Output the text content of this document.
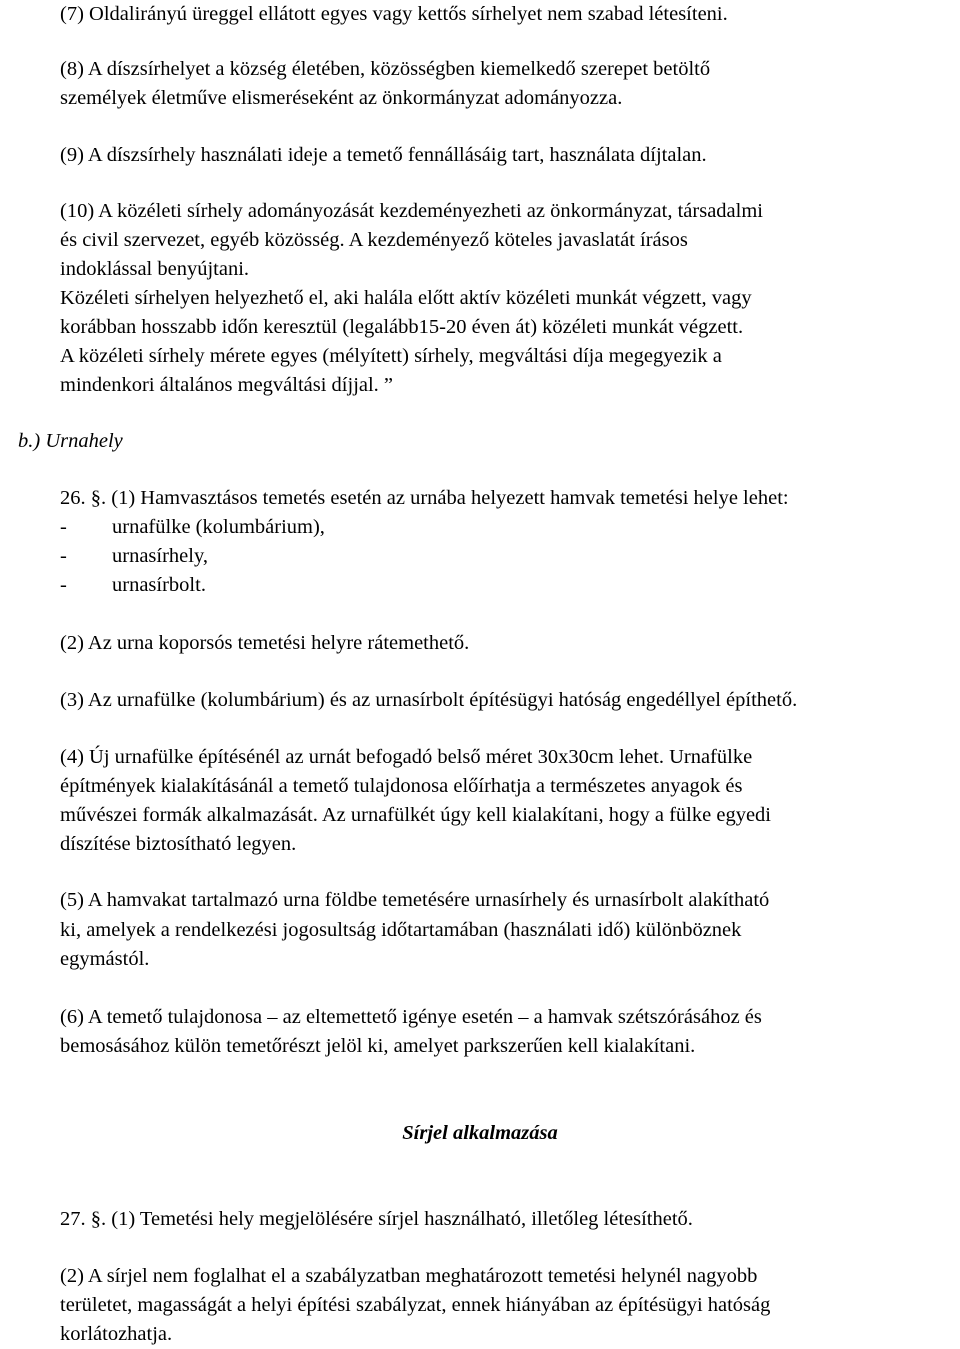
(7) Oldalirányú üreggel ellátott egyes vagy kettős sírhelyet nem szabad létesíteni.
(8) A díszsírhelyet a község életében, közösségben kiemelkedő szerepet betöltő
személyek életműve elismeréseként az önkormányzat adományozza.
(9) A díszsírhely használati ideje a temető fennállásáig tart, használata díjtalan.
(10) A közéleti sírhely adományozását kezdeményezheti az önkormányzat, társadalmi
és civil szervezet, egyéb közösség. A kezdeményező köteles javaslatát írásos
indoklással benyújtani.
Közéleti sírhelyen helyezhető el, aki halála előtt aktív közéleti munkát végzett, vagy
korábban hosszabb időn keresztül (legalább15-20 éven át) közéleti munkát végzett.
A közéleti sírhely mérete egyes (mélyített) sírhely, megváltási díja megegyezik a
mindenkori általános megváltási díjjal. ”
b.) Urnahely
26. §. (1) Hamvasztásos temetés esetén az urnába helyezett hamvak temetési helye lehet:
- urnafülke (kolumbárium),
- urnasírhely,
- urnasírbolt.
(2) Az urna koporsós temetési helyre rátemethető.
(3) Az urnafülke (kolumbárium) és az urnasírbolt építésügyi hatóság engedéllyel építhető.
(4) Új urnafülke építésénél az urnát befogadó belső méret 30x30cm lehet. Urnafülke
építmények kialakításánál a temető tulajdonosa előírhatja a természetes anyagok és
művészei formák alkalmazását. Az urnafülkét úgy kell kialakítani, hogy a fülke egyedi
díszítése biztosítható legyen.
(5) A hamvakat tartalmazó urna földbe temetésére urnasírhely és urnasírbolt alakítható
ki, amelyek a rendelkezési jogosultság időtartamában (használati idő) különböznek
egymástól.
(6) A temető tulajdonosa – az eltemettető igénye esetén – a hamvak szétszórásához és
bemosásához külön temetőrészt jelöl ki, amelyet parkszerűen kell kialakítani.
Sírjel alkalmazása
27. §. (1) Temetési hely megjelölésére sírjel használható, illetőleg létesíthető.
(2) A sírjel nem foglalhat el a szabályzatban meghatározott temetési helynél nagyobb
területet, magasságát a helyi építési szabályzat, ennek hiányában az építésügyi hatóság
korlátozhatja.
